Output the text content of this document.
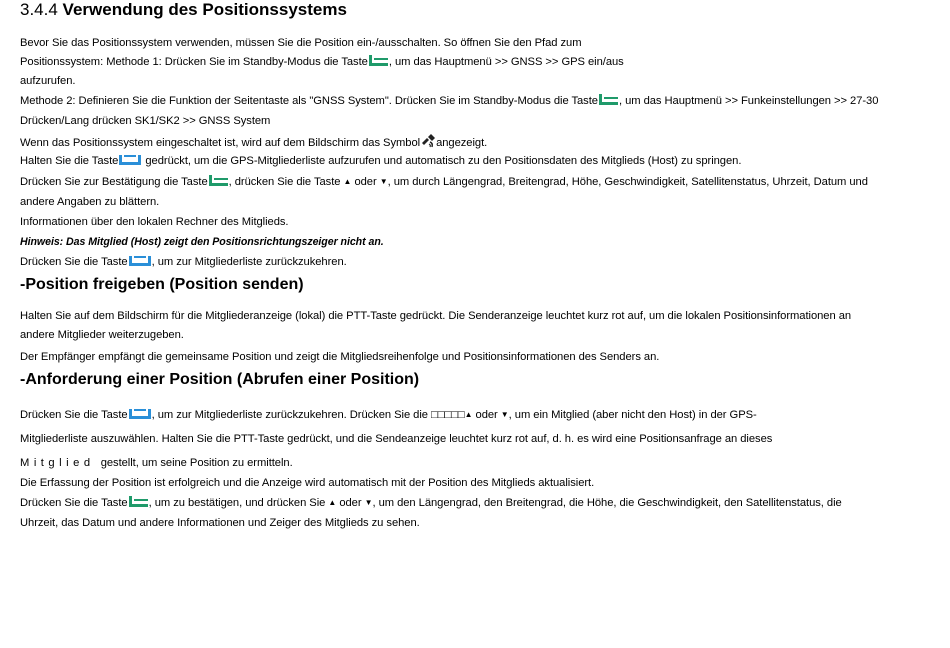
3.4.4 Verwendung des Positionssystems
Bevor Sie das Positionssystem verwenden, müssen Sie die Position ein-/ausschalten. So öffnen Sie den Pfad zum
Positionssystem: Methode 1: Drücken Sie im Standby-Modus die Taste , um das Hauptmenü >> GNSS >> GPS ein/aus
aufzurufen.
Methode 2: Definieren Sie die Funktion der Seitentaste als "GNSS System". Drücken Sie im Standby-Modus die Taste , um das Hauptmenü >> Funkeinstellungen >> 27-30
Drücken/Lang drücken SK1/SK2 >> GNSS System
Wenn das Positionssystem eingeschaltet ist, wird auf dem Bildschirm das Symbol angezeigt.
Halten Sie die Taste gedrückt, um die GPS-Mitgliederliste aufzurufen und automatisch zu den Positionsdaten des Mitglieds (Host) zu springen.
Drücken Sie zur Bestätigung die Taste , drücken Sie die Taste ▲ oder ▼, um durch Längengrad, Breitengrad, Höhe, Geschwindigkeit, Satellitenstatus, Uhrzeit, Datum und
andere Angaben zu blättern.
Informationen über den lokalen Rechner des Mitglieds.
Hinweis: Das Mitglied (Host) zeigt den Positionsrichtungszeiger nicht an.
Drücken Sie die Taste , um zur Mitgliederliste zurückzukehren.
-Position freigeben (Position senden)
Halten Sie auf dem Bildschirm für die Mitgliederanzeige (lokal) die PTT-Taste gedrückt. Die Senderanzeige leuchtet kurz rot auf, um die lokalen Positionsinformationen an
andere Mitglieder weiterzugeben.
Der Empfänger empfängt die gemeinsame Position und zeigt die Mitgliedsreihenfolge und Positionsinformationen des Senders an.
-Anforderung einer Position (Abrufen einer Position)
Drücken Sie die Taste , um zur Mitgliederliste zurückzukehren. Drücken Sie die □□□□□▲ oder ▼, um ein Mitglied (aber nicht den Host) in der GPS-
Mitgliederliste auszuwählen. Halten Sie die PTT-Taste gedrückt, und die Sendeanzeige leuchtet kurz rot auf, d. h. es wird eine Positionsanfrage an dieses
Mitglied gestellt, um seine Position zu ermitteln.
Die Erfassung der Position ist erfolgreich und die Anzeige wird automatisch mit der Position des Mitglieds aktualisiert.
Drücken Sie die Taste , um zu bestätigen, und drücken Sie ▲ oder ▼, um den Längengrad, den Breitengrad, die Höhe, die Geschwindigkeit, den Satellitenstatus, die
Uhrzeit, das Datum und andere Informationen und Zeiger des Mitglieds zu sehen.
